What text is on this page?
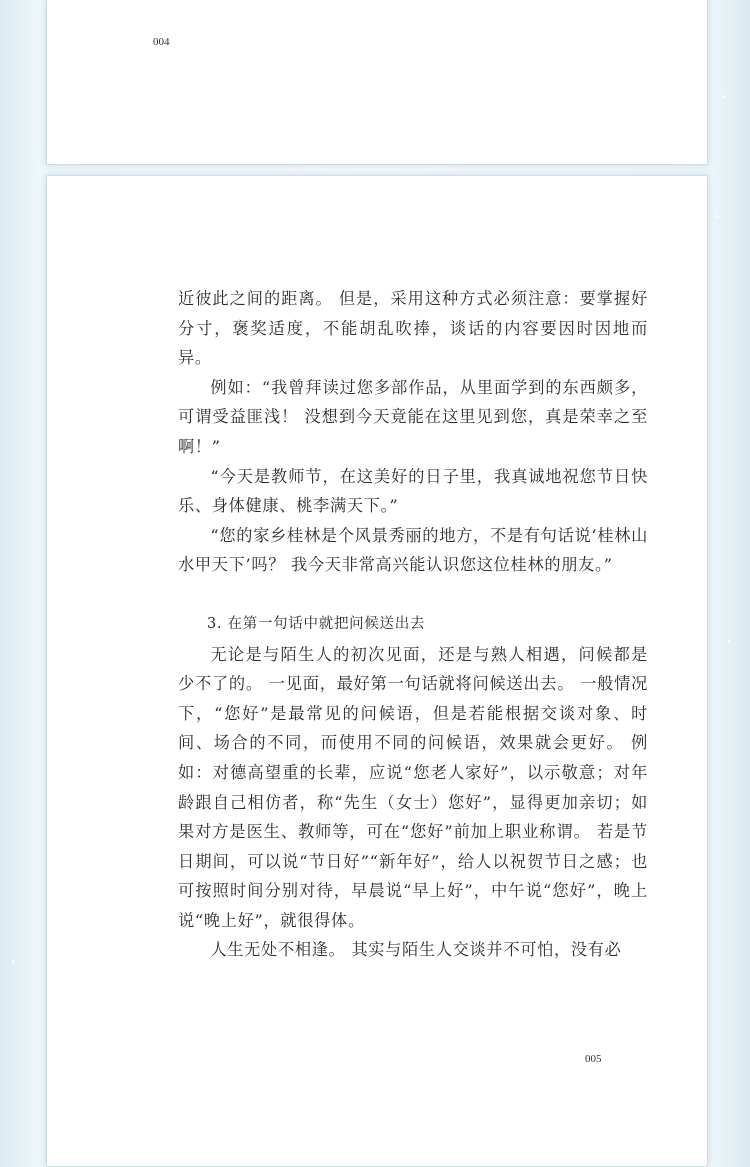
004

近彼此之间的距离。 但是，采用这种方式必须注意：要掌握好分寸，褒奖适度，不能胡乱吹捧，谈话的内容要因时因地而异。

例如：“我曾拜读过您多部作品，从里面学到的东西颇多，可谓受益匪浅！ 没想到今天竟能在这里见到您，真是荣幸之至啊！”

“今天是教师节，在这美好的日子里，我真诚地祝您节日快乐、身体健康、桃李满天下。”

“您的家乡桂林是个风景秀丽的地方，不是有句话说‘桂林山水甲天下’吗？ 我今天非常高兴能认识您这位桂林的朋友。”

3. 在第一句话中就把问候送出去

无论是与陌生人的初次见面，还是与熟人相遇，问候都是少不了的。 一见面，最好第一句话就将问候送出去。 一般情况下，“您好”是最常见的问候语，但是若能根据交谈对象、时间、场合的不同，而使用不同的问候语，效果就会更好。 例如：对德高望重的长辈，应说“您老人家好”，以示敬意；对年龄跟自己相仿者，称“先生（女士）您好”，显得更加亲切；如果对方是医生、教师等，可在“您好”前加上职业称谓。 若是节日期间，可以说“节日好”“新年好”，给人以祝贺节日之感；也可按照时间分别对待，早晨说“早上好”，中午说“您好”，晚上说“晚上好”，就很得体。

人生无处不相逢。 其实与陌生人交谈并不可怕，没有必

005
